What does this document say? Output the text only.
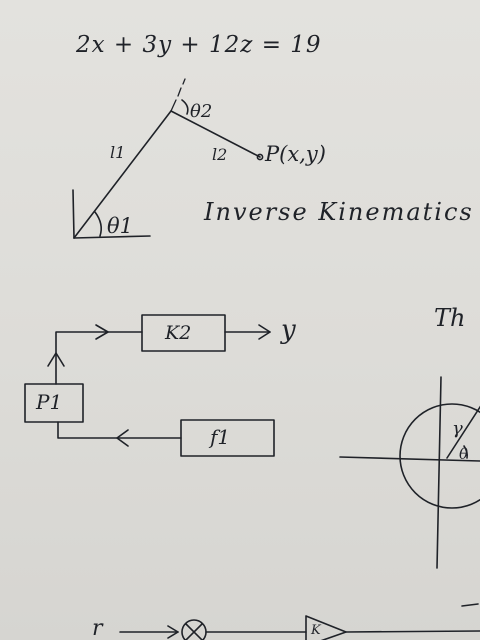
2x + 3y + 12z = 19
θ2
l1	l2 P(x,y)
θ1	Inverse Kinematics
P1
K2	y
f1
Th
γ
θ
r	K
